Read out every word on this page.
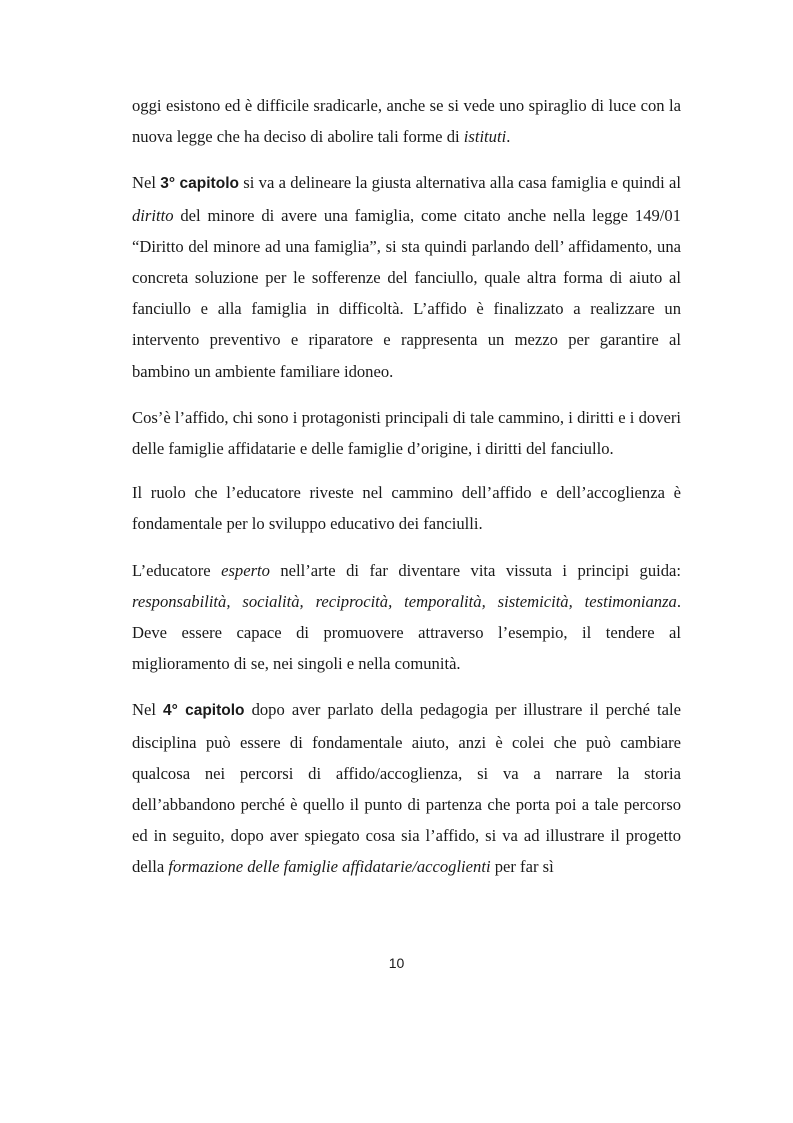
oggi esistono ed è difficile sradicarle, anche se si vede uno spiraglio di luce con la nuova legge che ha deciso di abolire tali forme di istituti.

Nel 3° capitolo si va a delineare la giusta alternativa alla casa famiglia e quindi al diritto del minore di avere una famiglia, come citato anche nella legge 149/01 “Diritto del minore ad una famiglia”, si sta quindi parlando dell’ affidamento, una concreta soluzione per le sofferenze del fanciullo, quale altra forma di aiuto al fanciullo e alla famiglia in difficoltà. L’affido è finalizzato a realizzare un intervento preventivo e riparatore e rappresenta un mezzo per garantire al bambino un ambiente familiare idoneo.

Cos’è l’affido, chi sono i protagonisti principali di tale cammino, i diritti e i doveri delle famiglie affidatarie e delle famiglie d’origine, i diritti del fanciullo.

Il ruolo che l’educatore riveste nel cammino dell’affido e dell’accoglienza è fondamentale per lo sviluppo educativo dei fanciulli.

L’educatore esperto nell’arte di far diventare vita vissuta i principi guida: responsabilità, socialità, reciprocità, temporalità, sistemicità, testimonianza. Deve essere capace di promuovere attraverso l’esempio, il tendere al miglioramento di se, nei singoli e nella comunità.

Nel 4° capitolo dopo aver parlato della pedagogia per illustrare il perché tale disciplina può essere di fondamentale aiuto, anzi è colei che può cambiare qualcosa nei percorsi di affido/accoglienza, si va a narrare la storia dell’abbandono perché è quello il punto di partenza che porta poi a tale percorso ed in seguito, dopo aver spiegato cosa sia l’affido, si va ad illustrare il progetto della formazione delle famiglie affidatarie/accoglienti per far sì

10
